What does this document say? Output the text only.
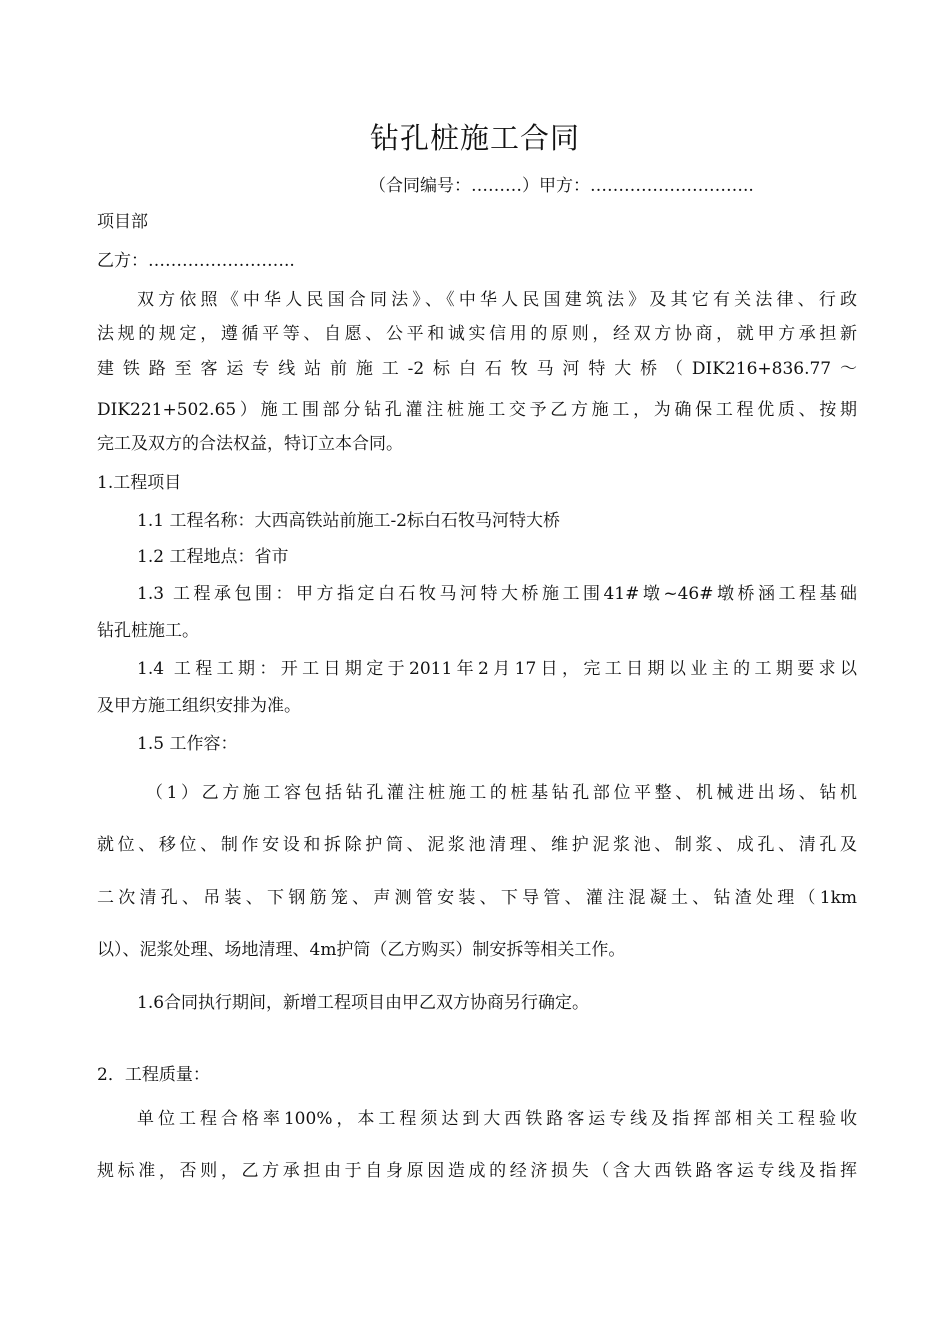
钻孔桩施工合同
（合同编号：………）甲方：………………………..
项目部
乙方：……………………..
双方依照《中华人民国合同法》、《中华人民国建筑法》及其它有关法律、行政
法规的规定，遵循平等、自愿、公平和诚实信用的原则，经双方协商，就甲方承担新
建铁路至客运专线站前施工-2标白石牧马河特大桥（DIK216+836.77～
DIK221+502.65）施工围部分钻孔灌注桩施工交予乙方施工，为确保工程优质、按期
完工及双方的合法权益，特订立本合同。
1.工程项目
1.1 工程名称：大西高铁站前施工-2标白石牧马河特大桥
1.2 工程地点：省市
1.3 工程承包围：甲方指定白石牧马河特大桥施工围41#墩~46#墩桥涵工程基础
钻孔桩施工。
1.4 工程工期：开工日期定于2011年2月17日，完工日期以业主的工期要求以
及甲方施工组织安排为准。
1.5 工作容：
（1）乙方施工容包括钻孔灌注桩施工的桩基钻孔部位平整、机械进出场、钻机
就位、移位、制作安设和拆除护筒、泥浆池清理、维护泥浆池、制浆、成孔、清孔及
二次清孔、吊装、下钢筋笼、声测管安装、下导管、灌注混凝土、钻渣处理（1km
以）、泥浆处理、场地清理、4m护筒（乙方购买）制安拆等相关工作。
1.6合同执行期间，新增工程项目由甲乙双方协商另行确定。
2．工程质量：
单位工程合格率100%，本工程须达到大西铁路客运专线及指挥部相关工程验收
规标准，否则，乙方承担由于自身原因造成的经济损失（含大西铁路客运专线及指挥
